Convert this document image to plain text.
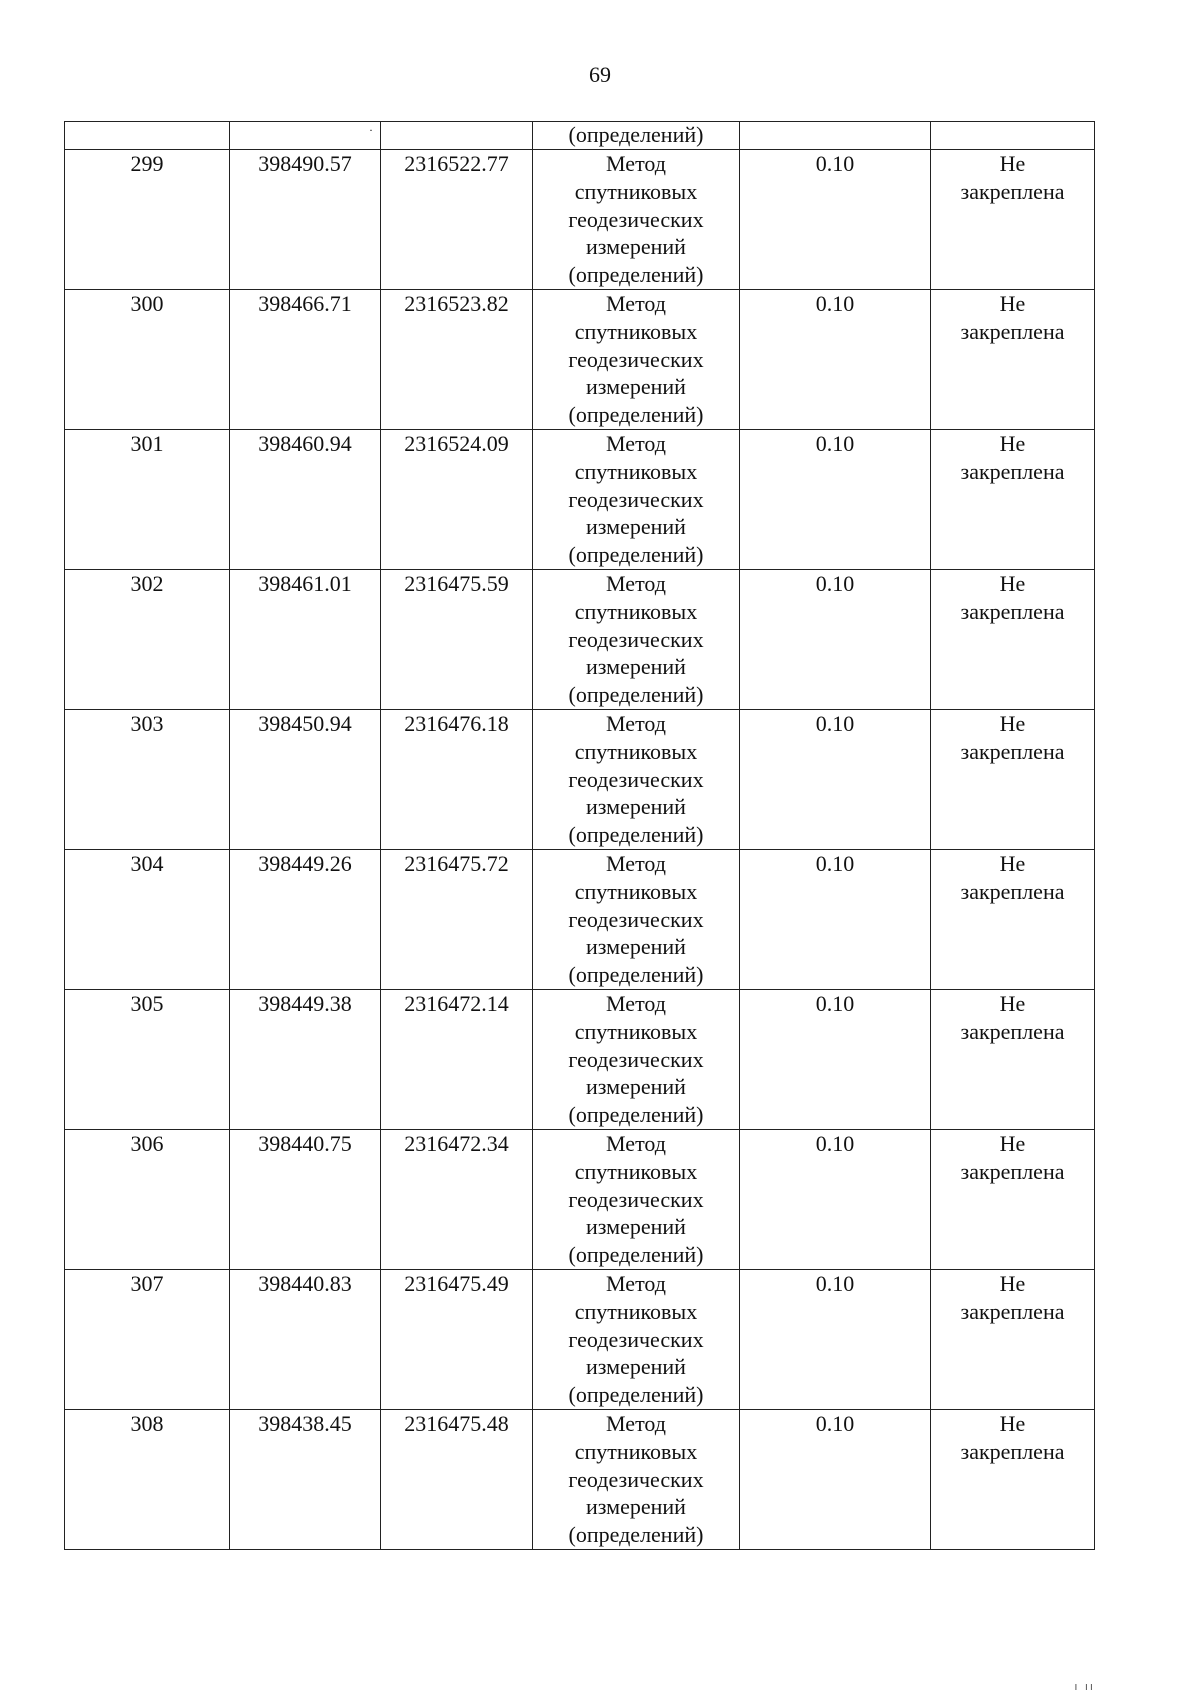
69

		·	(определений)		

299	398490.57	2316522.77	Метод
спутниковых
геодезических
измерений
(определений)	0.10	Не
закреплена

300	398466.71	2316523.82	Метод
спутниковых
геодезических
измерений
(определений)	0.10	Не
закреплена

301	398460.94	2316524.09	Метод
спутниковых
геодезических
измерений
(определений)	0.10	Не
закреплена

302	398461.01	2316475.59	Метод
спутниковых
геодезических
измерений
(определений)	0.10	Не
закреплена

303	398450.94	2316476.18	Метод
спутниковых
геодезических
измерений
(определений)	0.10	Не
закреплена

304	398449.26	2316475.72	Метод
спутниковых
геодезических
измерений
(определений)	0.10	Не
закреплена

305	398449.38	2316472.14	Метод
спутниковых
геодезических
измерений
(определений)	0.10	Не
закреплена

306	398440.75	2316472.34	Метод
спутниковых
геодезических
измерений
(определений)	0.10	Не
закреплена

307	398440.83	2316475.49	Метод
спутниковых
геодезических
измерений
(определений)	0.10	Не
закреплена

308	398438.45	2316475.48	Метод
спутниковых
геодезических
измерений
(определений)	0.10	Не
закреплена
ı ıı
